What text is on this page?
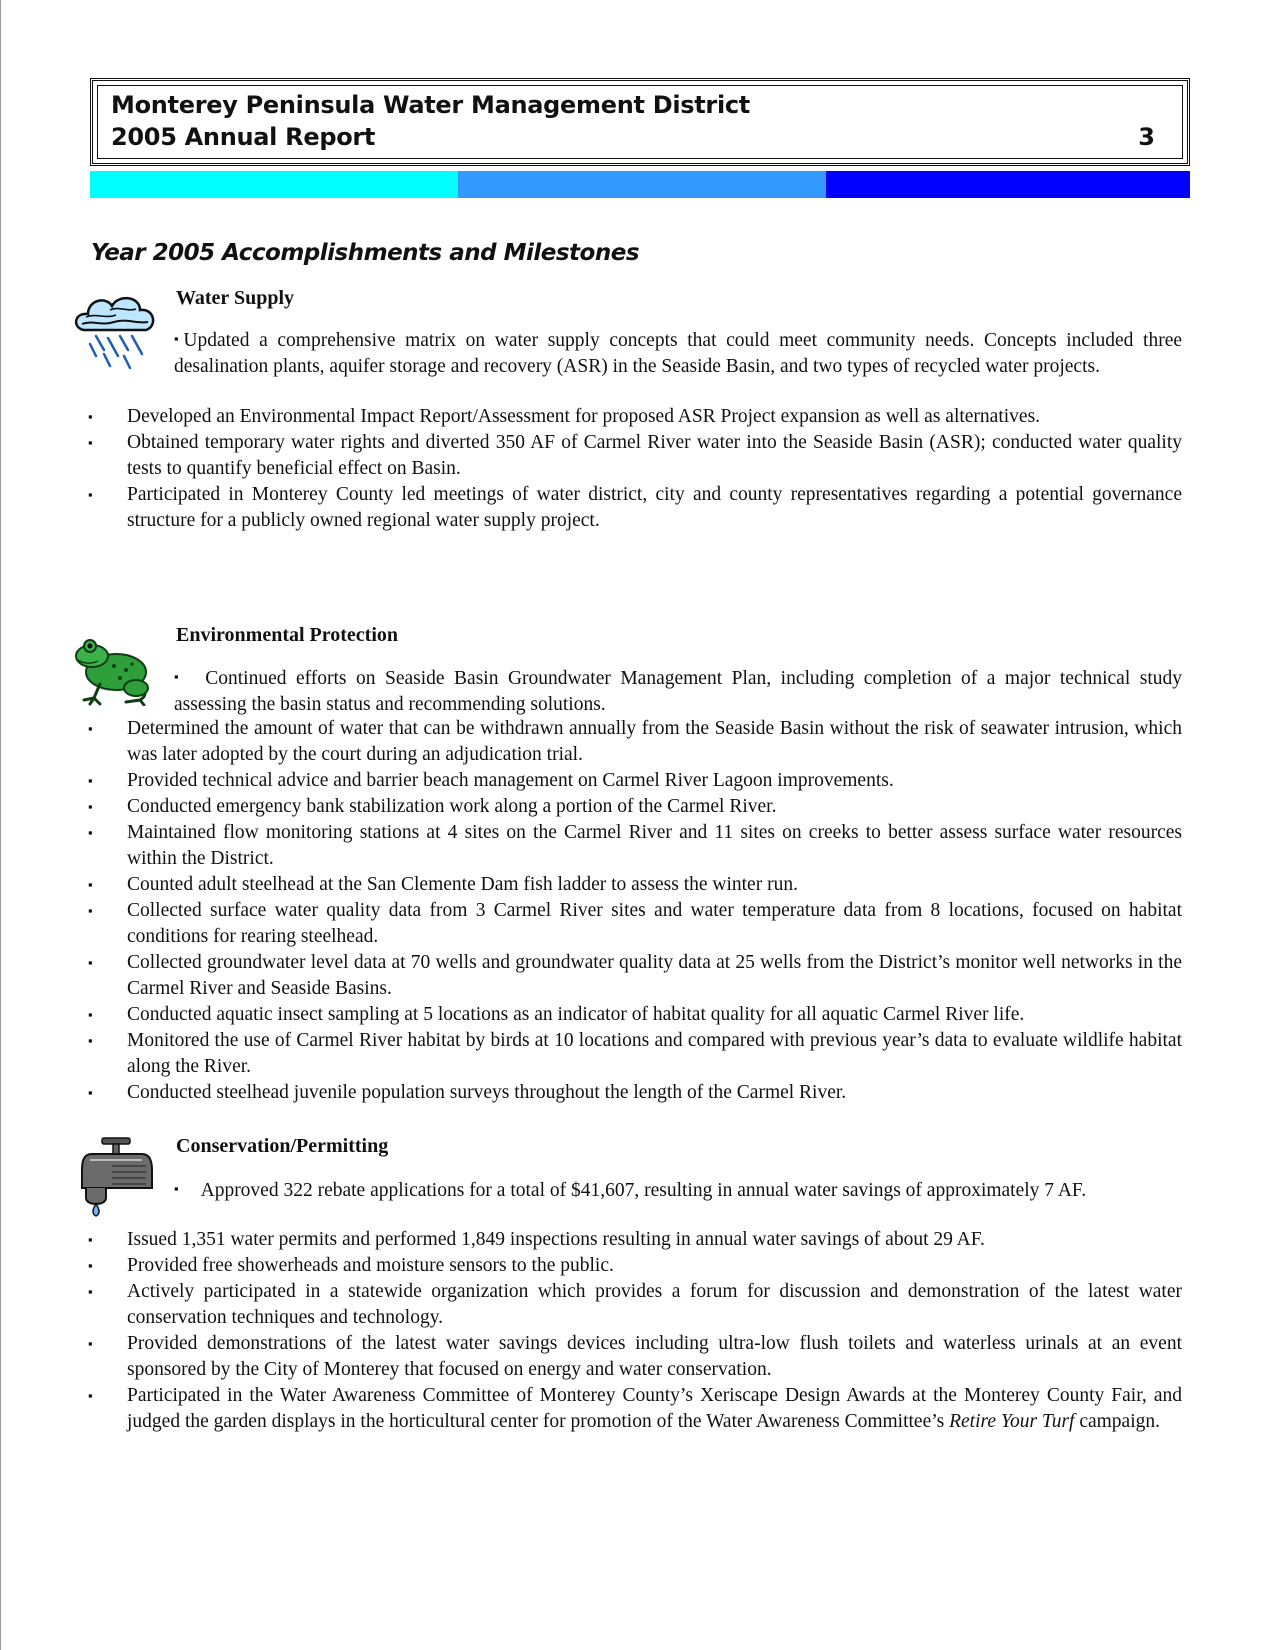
Monterey Peninsula Water Management District
2005 Annual Report	3
Year 2005 Accomplishments and Milestones
Water Supply
▪Updated a comprehensive matrix on water supply concepts that could meet community needs. Concepts included three desalination plants, aquifer storage and recovery (ASR) in the Seaside Basin, and two types of recycled water projects.
▪ Developed an Environmental Impact Report/Assessment for proposed ASR Project expansion as well as alternatives.
▪ Obtained temporary water rights and diverted 350 AF of Carmel River water into the Seaside Basin (ASR); conducted water quality tests to quantify beneficial effect on Basin.
▪ Participated in Monterey County led meetings of water district, city and county representatives regarding a potential governance structure for a publicly owned regional water supply project.
Environmental Protection
▪ Continued efforts on Seaside Basin Groundwater Management Plan, including completion of a major technical study assessing the basin status and recommending solutions.
▪ Determined the amount of water that can be withdrawn annually from the Seaside Basin without the risk of seawater intrusion, which was later adopted by the court during an adjudication trial.
▪ Provided technical advice and barrier beach management on Carmel River Lagoon improvements.
▪ Conducted emergency bank stabilization work along a portion of the Carmel River.
▪ Maintained flow monitoring stations at 4 sites on the Carmel River and 11 sites on creeks to better assess surface water resources within the District.
▪ Counted adult steelhead at the San Clemente Dam fish ladder to assess the winter run.
▪ Collected surface water quality data from 3 Carmel River sites and water temperature data from 8 locations, focused on habitat conditions for rearing steelhead.
▪ Collected groundwater level data at 70 wells and groundwater quality data at 25 wells from the District’s monitor well networks in the Carmel River and Seaside Basins.
▪ Conducted aquatic insect sampling at 5 locations as an indicator of habitat quality for all aquatic Carmel River life.
▪ Monitored the use of Carmel River habitat by birds at 10 locations and compared with previous year’s data to evaluate wildlife habitat along the River.
▪ Conducted steelhead juvenile population surveys throughout the length of the Carmel River.
Conservation/Permitting
▪ Approved 322 rebate applications for a total of $41,607, resulting in annual water savings of approximately 7 AF.
▪ Issued 1,351 water permits and performed 1,849 inspections resulting in annual water savings of about 29 AF.
▪ Provided free showerheads and moisture sensors to the public.
▪ Actively participated in a statewide organization which provides a forum for discussion and demonstration of the latest water conservation techniques and technology.
▪ Provided demonstrations of the latest water savings devices including ultra-low flush toilets and waterless urinals at an event sponsored by the City of Monterey that focused on energy and water conservation.
▪ Participated in the Water Awareness Committee of Monterey County’s Xeriscape Design Awards at the Monterey County Fair, and judged the garden displays in the horticultural center for promotion of the Water Awareness Committee’s Retire Your Turf campaign.
